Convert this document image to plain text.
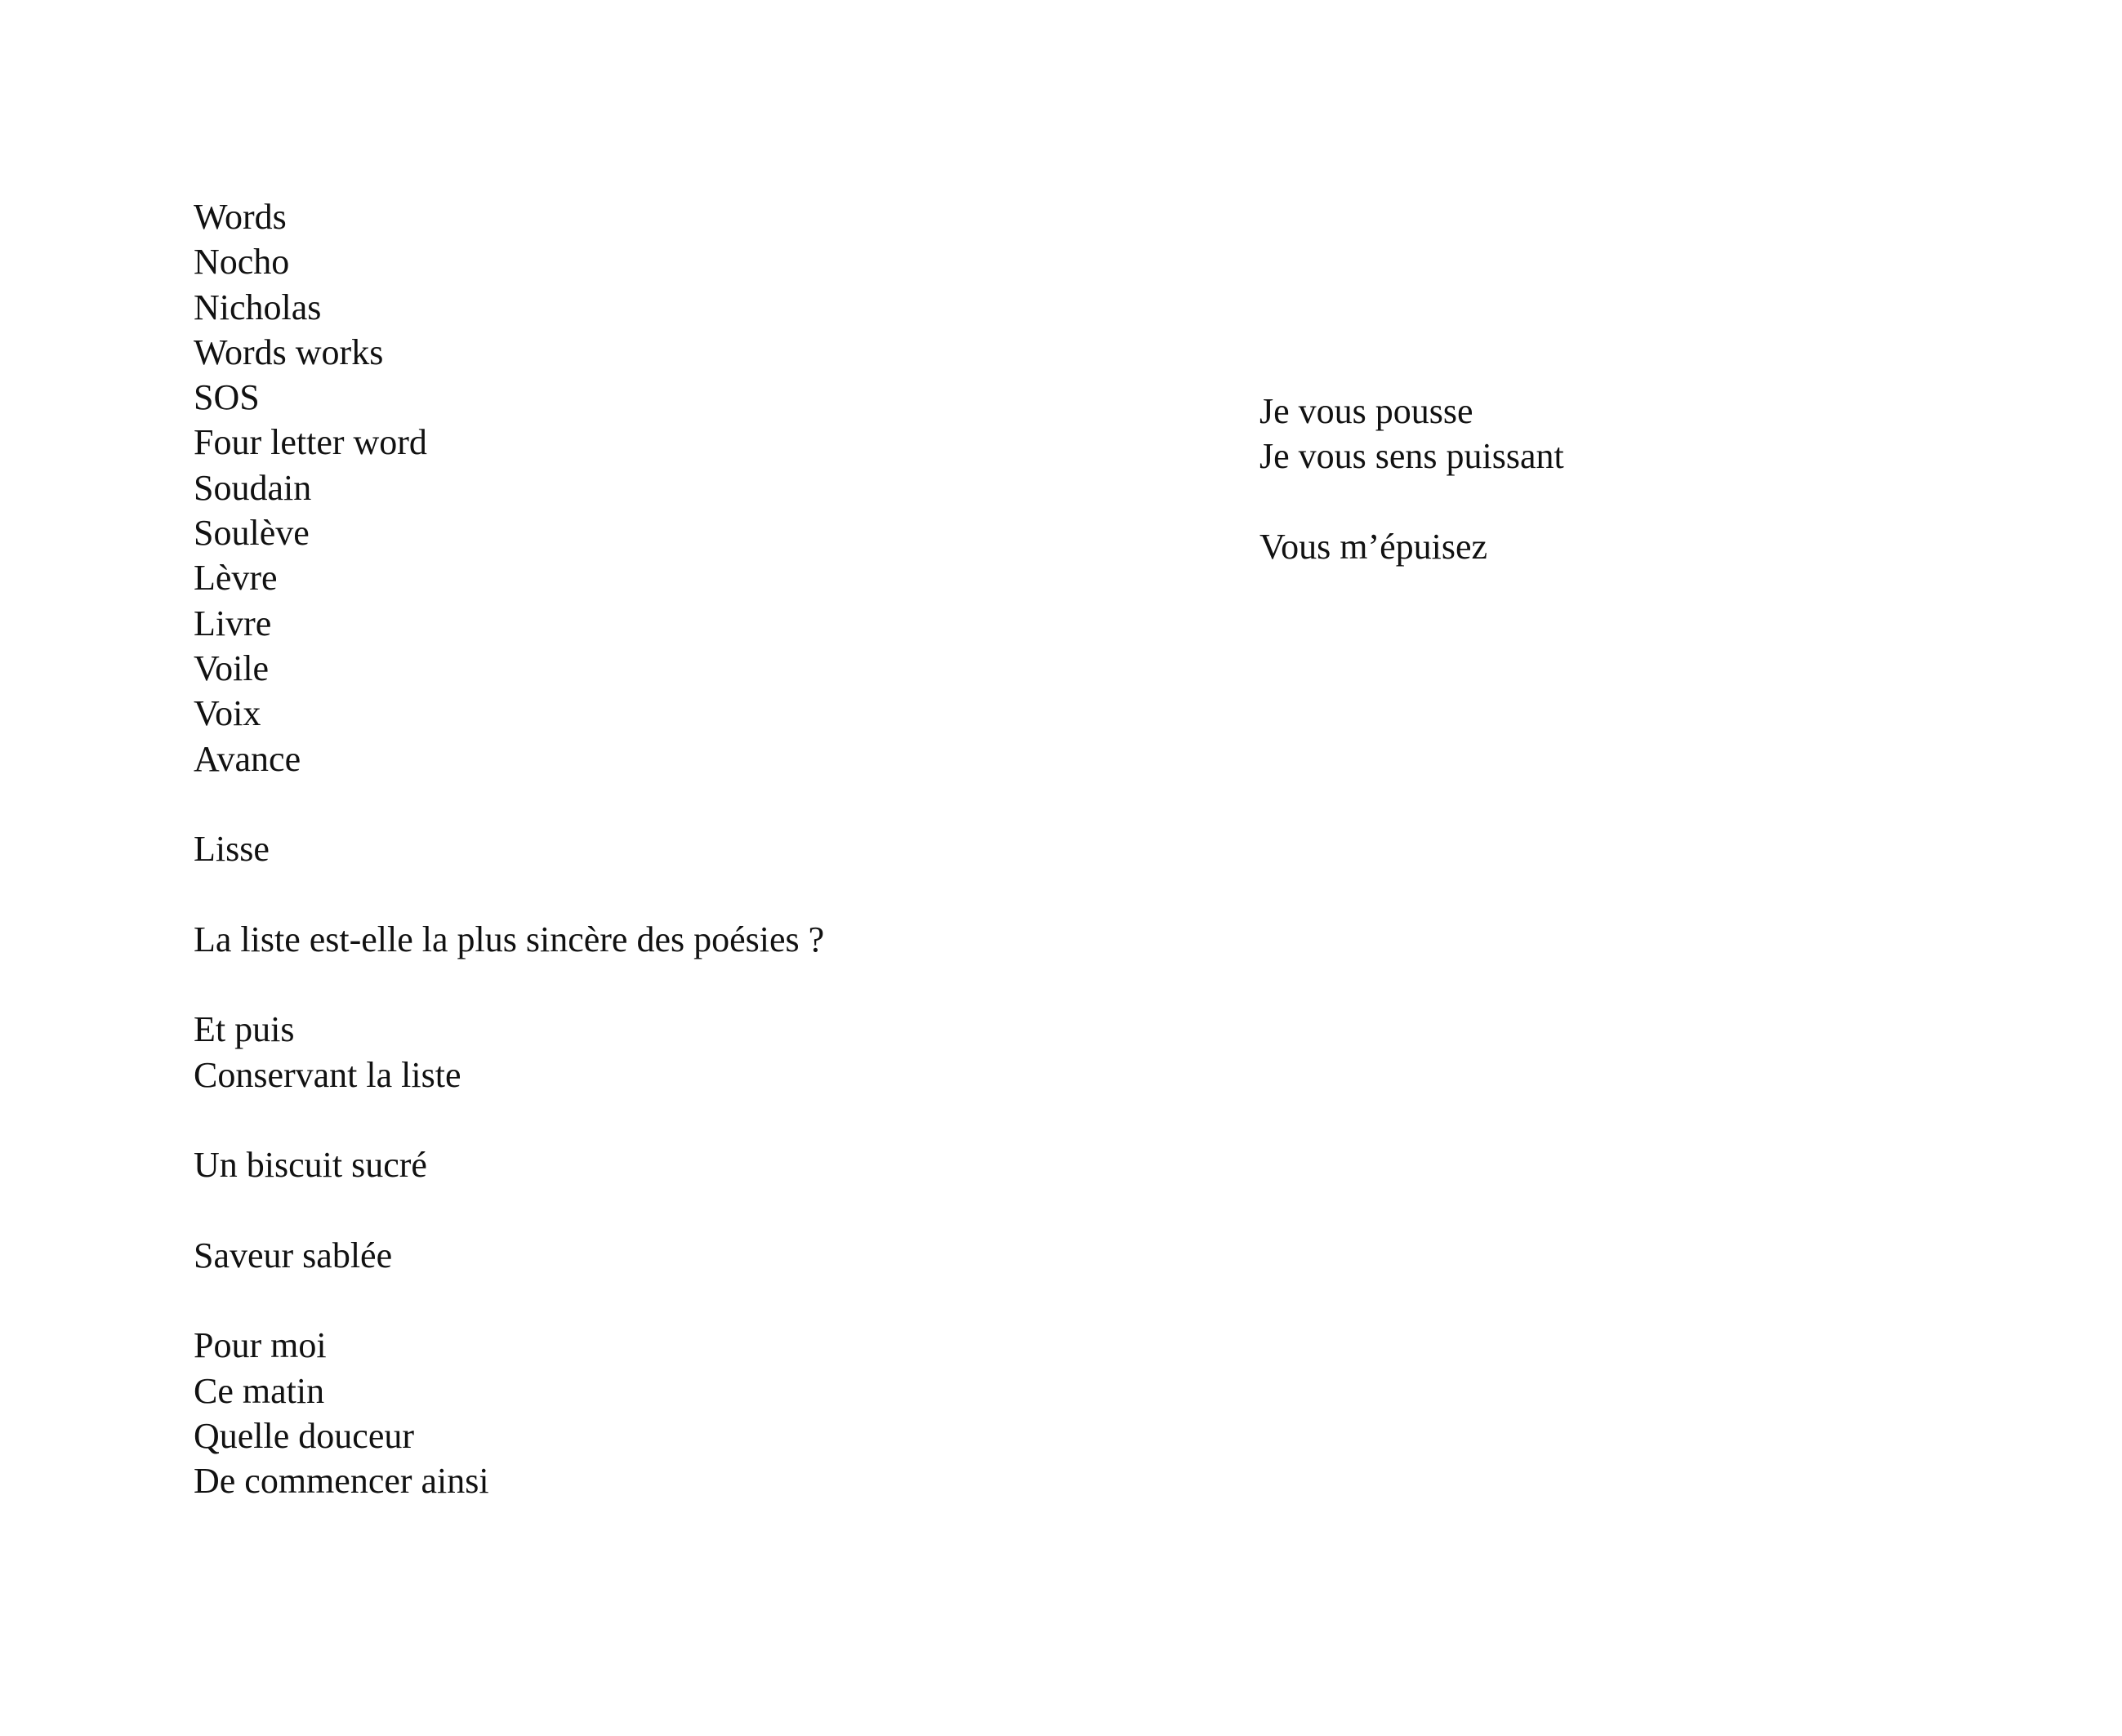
Words
Nocho
Nicholas
Words works
SOS
Four letter word
Soudain
Soulève
Lèvre
Livre
Voile
Voix
Avance
Lisse
La liste est-elle la plus sincère des poésies ?
Et puis
Conservant la liste
Un biscuit sucré
Saveur sablée
Pour moi
Ce matin
Quelle douceur
De commencer ainsi
Je vous pousse
Je vous sens puissant
Vous m’épuisez
